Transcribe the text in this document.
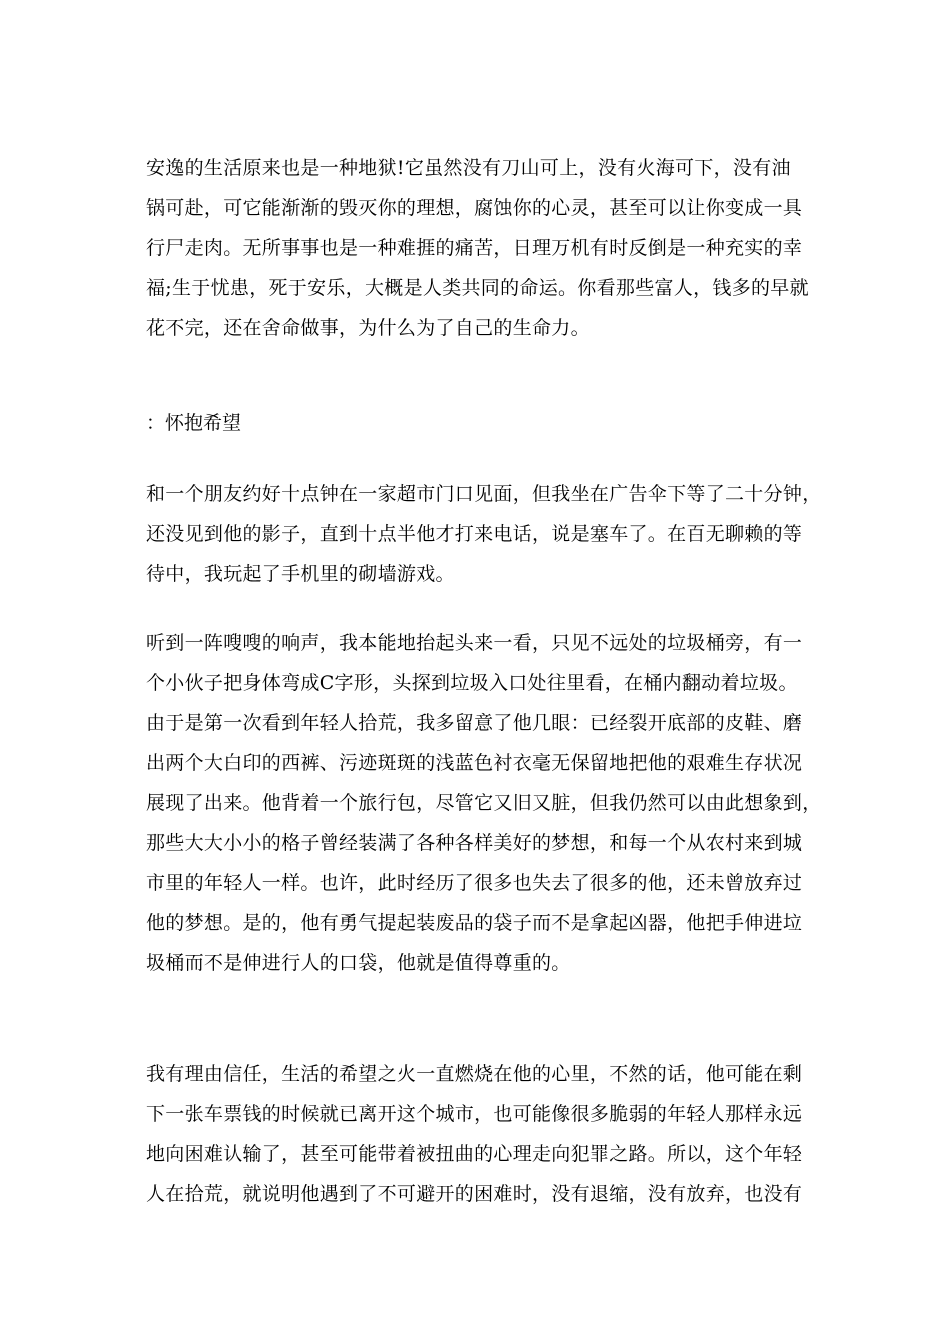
安逸的生活原来也是一种地狱!它虽然没有刀山可上，没有火海可下，没有油
锅可赴，可它能渐渐的毁灭你的理想，腐蚀你的心灵，甚至可以让你变成一具
行尸走肉。无所事事也是一种难捱的痛苦，日理万机有时反倒是一种充实的幸
福;生于忧患，死于安乐，大概是人类共同的命运。你看那些富人，钱多的早就
花不完，还在舍命做事，为什么为了自己的生命力。

：怀抱希望

和一个朋友约好十点钟在一家超市门口见面，但我坐在广告伞下等了二十分钟，
还没见到他的影子，直到十点半他才打来电话，说是塞车了。在百无聊赖的等
待中，我玩起了手机里的砌墙游戏。

听到一阵嗖嗖的响声，我本能地抬起头来一看，只见不远处的垃圾桶旁，有一
个小伙子把身体弯成C字形，头探到垃圾入口处往里看，在桶内翻动着垃圾。
由于是第一次看到年轻人拾荒，我多留意了他几眼：已经裂开底部的皮鞋、磨
出两个大白印的西裤、污迹斑斑的浅蓝色衬衣毫无保留地把他的艰难生存状况
展现了出来。他背着一个旅行包，尽管它又旧又脏，但我仍然可以由此想象到，
那些大大小小的格子曾经装满了各种各样美好的梦想，和每一个从农村来到城
市里的年轻人一样。也许，此时经历了很多也失去了很多的他，还未曾放弃过
他的梦想。是的，他有勇气提起装废品的袋子而不是拿起凶器，他把手伸进垃
圾桶而不是伸进行人的口袋，他就是值得尊重的。

我有理由信任，生活的希望之火一直燃烧在他的心里，不然的话，他可能在剩
下一张车票钱的时候就已离开这个城市，也可能像很多脆弱的年轻人那样永远
地向困难认输了，甚至可能带着被扭曲的心理走向犯罪之路。所以，这个年轻
人在拾荒，就说明他遇到了不可避开的困难时，没有退缩，没有放弃，也没有
